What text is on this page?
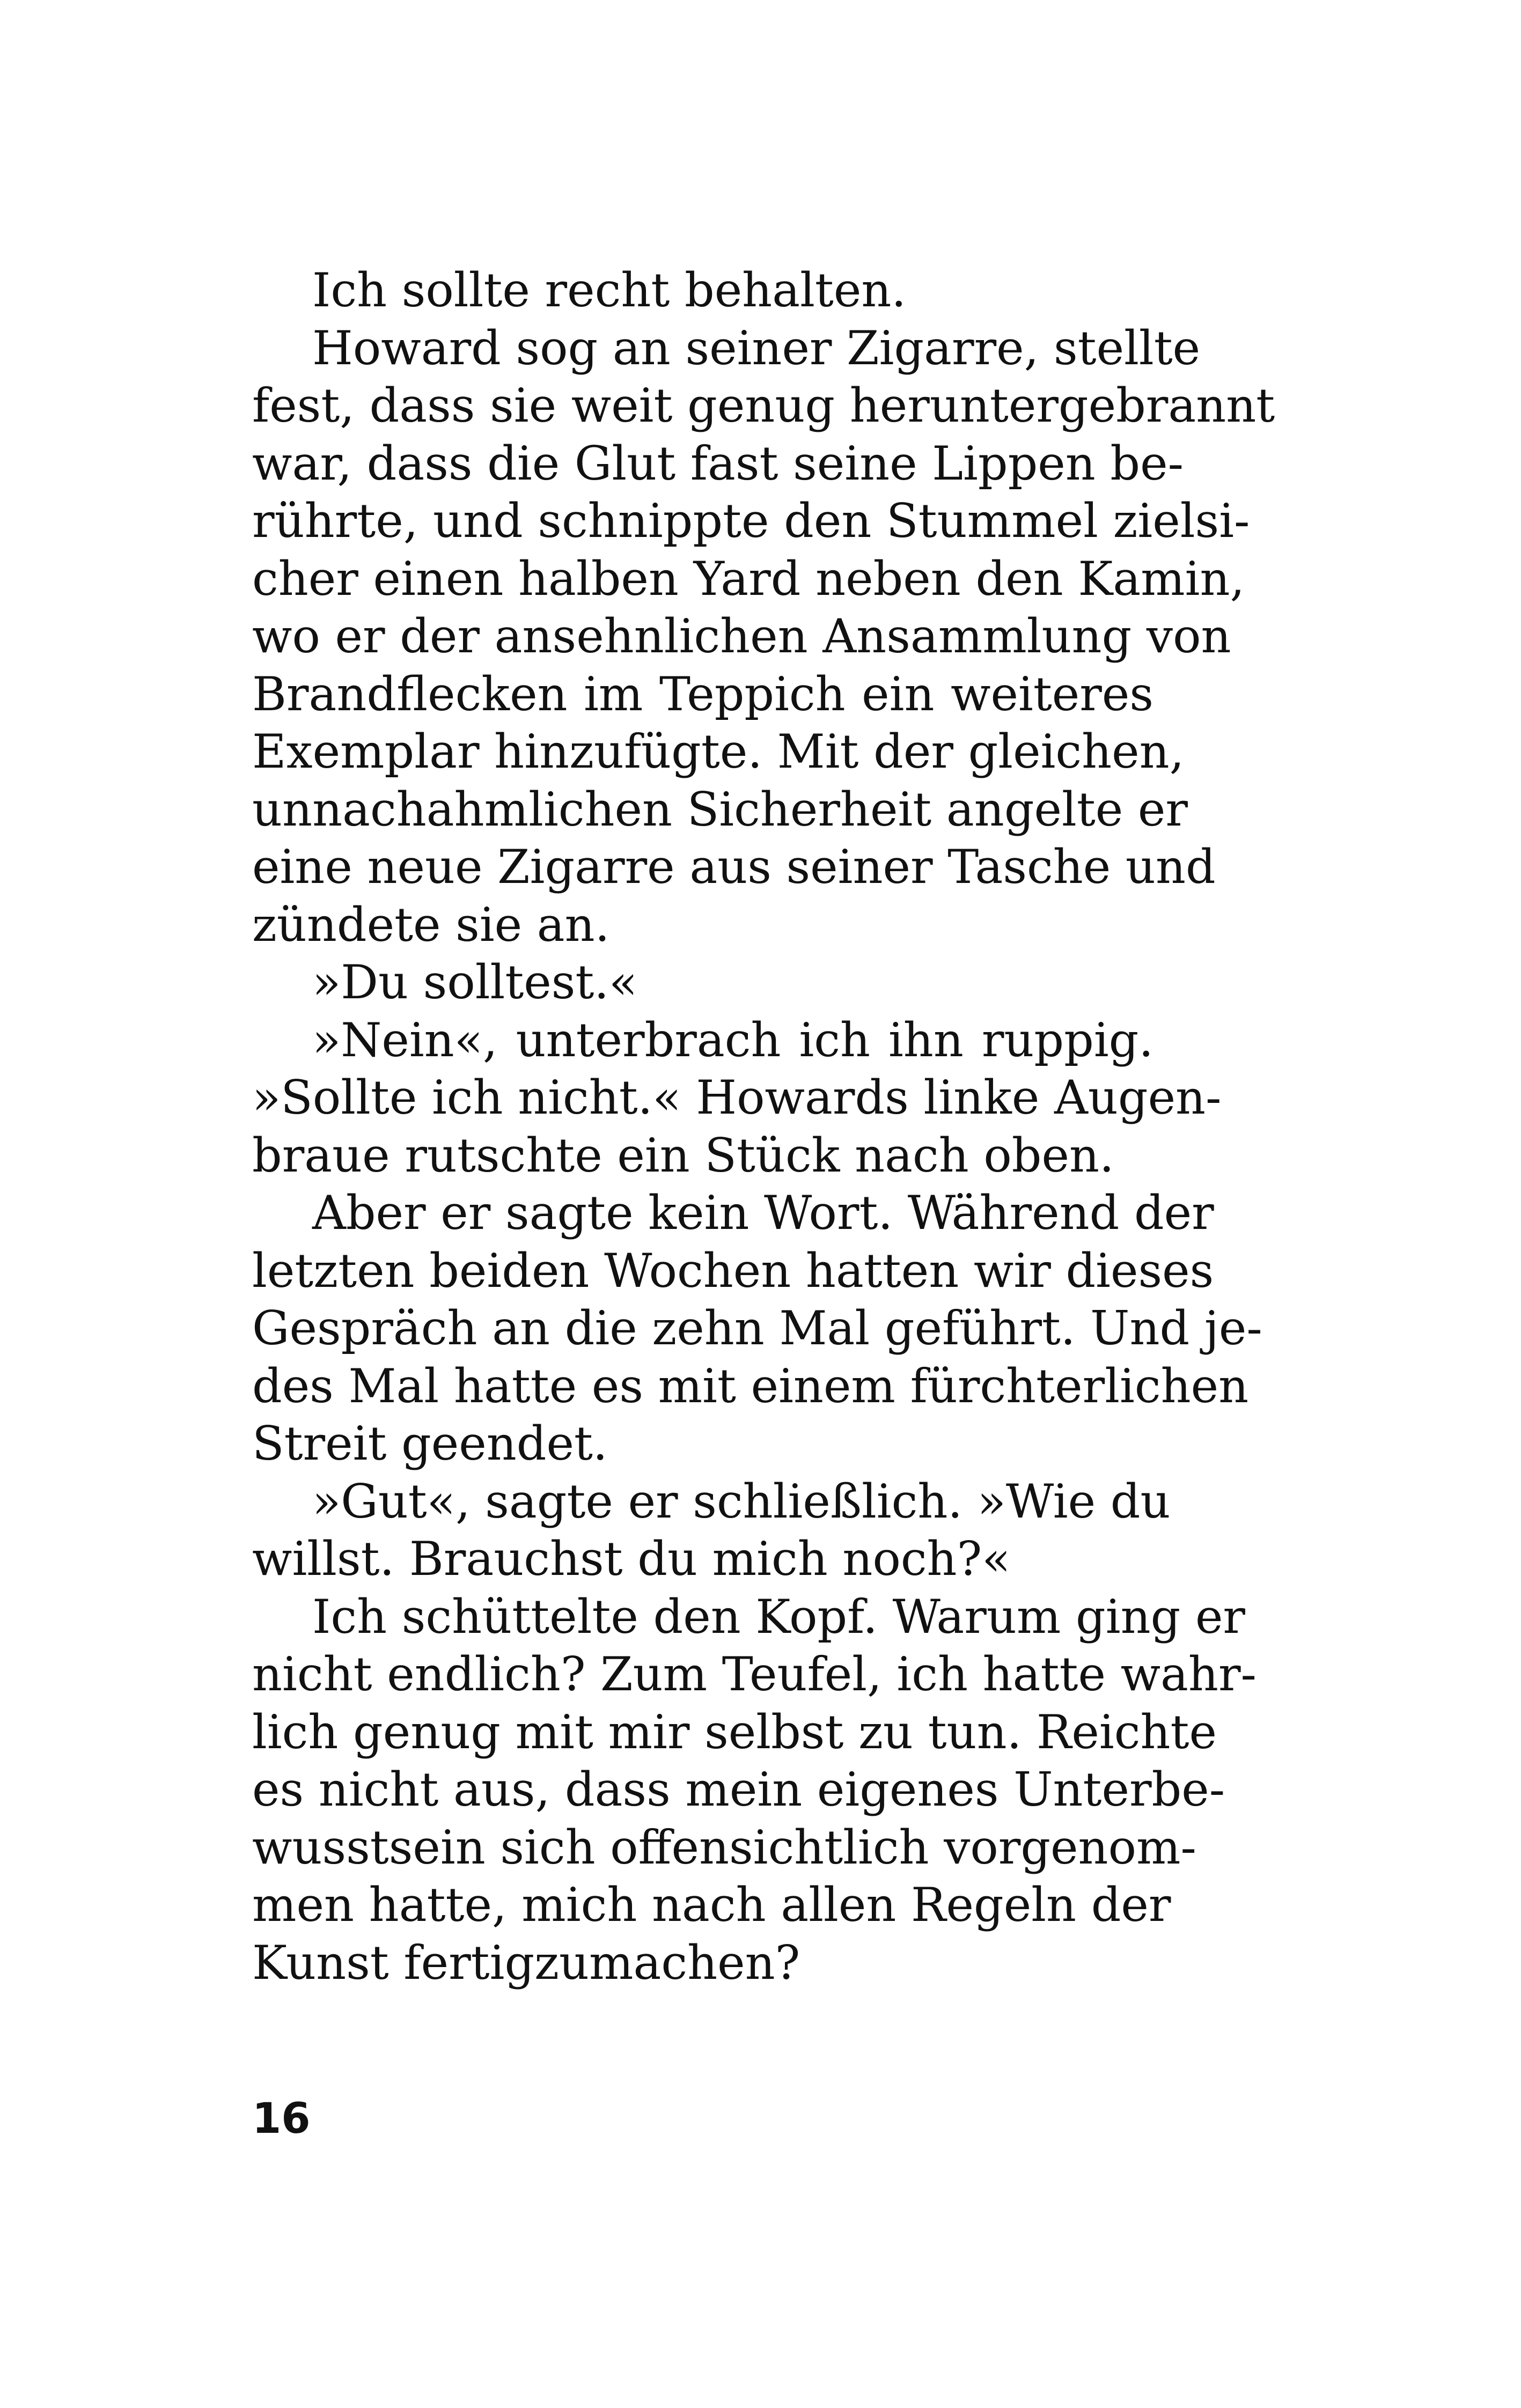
Ich sollte recht behalten.
Howard sog an seiner Zigarre, stellte
fest, dass sie weit genug heruntergebrannt
war, dass die Glut fast seine Lippen be-
rührte, und schnippte den Stummel zielsi-
cher einen halben Yard neben den Kamin,
wo er der ansehnlichen Ansammlung von
Brandflecken im Teppich ein weiteres
Exemplar hinzufügte. Mit der gleichen,
unnachahmlichen Sicherheit angelte er
eine neue Zigarre aus seiner Tasche und
zündete sie an.
»Du solltest.«
»Nein«, unterbrach ich ihn ruppig.
»Sollte ich nicht.« Howards linke Augen-
braue rutschte ein Stück nach oben.
Aber er sagte kein Wort. Während der
letzten beiden Wochen hatten wir dieses
Gespräch an die zehn Mal geführt. Und je-
des Mal hatte es mit einem fürchterlichen
Streit geendet.
»Gut«, sagte er schließlich. »Wie du
willst. Brauchst du mich noch?«
Ich schüttelte den Kopf. Warum ging er
nicht endlich? Zum Teufel, ich hatte wahr-
lich genug mit mir selbst zu tun. Reichte
es nicht aus, dass mein eigenes Unterbe-
wusstsein sich offensichtlich vorgenom-
men hatte, mich nach allen Regeln der
Kunst fertigzumachen?
16
